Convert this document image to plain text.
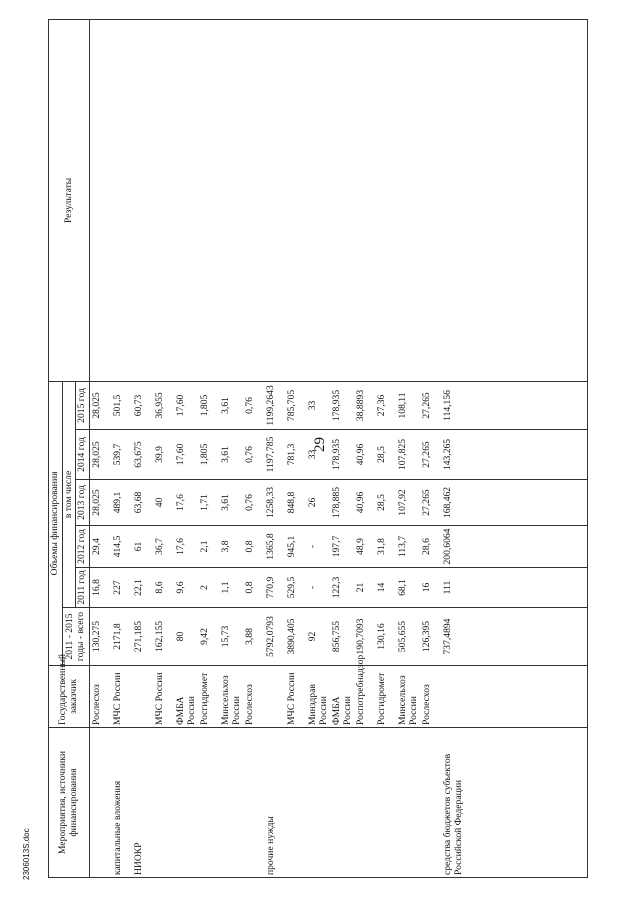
29
Мероприятия, источники финансирования	Государственный заказчик	Объемы финансирования						Результаты
		2011 - 2015 годы - всего	в том числе					
			2011 год	2012 год	2013 год	2014 год	2015 год	
	Рослесхоз	130,275	16,8	29,4	28,025	28,025	28,025	
капитальные вложения	МЧС России	2171,8	227	414,5	489,1	539,7	501,5	
НИОКР		271,185	22,1	61	63,68	63,675	60,73	
	МЧС России	162,155	8,6	36,7	40	39,9	36,955	
	ФМБА России	80	9,6	17,6	17,6	17,60	17,60	
	Росгидромет	9,42	2	2,1	1,71	1,805	1,805	
	Минсельхоз России	15,73	1,1	3,8	3,61	3,61	3,61	
	Рослесхоз	3,88	0,8	0,8	0,76	0,76	0,76	
прочие нужды		5792,0793	770,9	1365,8	1258,33	1197,785	1199,2643	
	МЧС России	3890,405	529,5	945,1	848,8	781,3	785,705	
	Минздрав России	92	-	-	26	33	33	
	ФМБА России	856,755	122,3	197,7	178,885	178,935	178,935	
	Роспотребнадзор	190,7093	21	48,9	40,96	40,96	38,8893	
	Росгидромет	130,16	14	31,8	28,5	28,5	27,36	
	Минсельхоз России	505,655	68,1	113,7	107,92	107,825	108,11	
	Рослесхоз	126,395	16	28,6	27,265	27,265	27,265	
средства бюджетов субъектов Российской Федерации		737,4894	111	200,6064	168,462	143,265	114,156	

2306013S.doc
